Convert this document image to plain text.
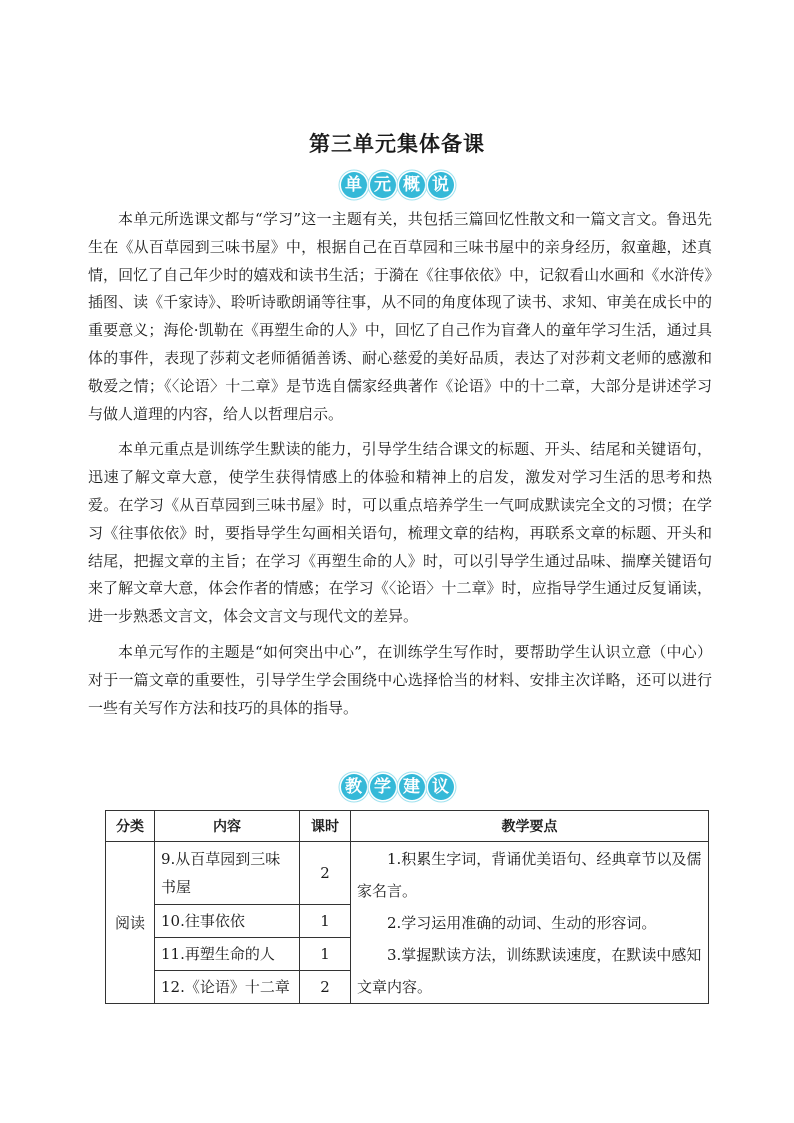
第三单元集体备课
单 元 概 说

本单元所选课文都与“学习”这一主题有关，共包括三篇回忆性散文和一篇文言文。鲁迅先生在《从百草园到三味书屋》中，根据自己在百草园和三味书屋中的亲身经历，叙童趣，述真情，回忆了自己年少时的嬉戏和读书生活；于漪在《往事依依》中，记叙看山水画和《水浒传》插图、读《千家诗》、聆听诗歌朗诵等往事，从不同的角度体现了读书、求知、审美在成长中的重要意义；海伦·凯勒在《再塑生命的人》中，回忆了自己作为盲聋人的童年学习生活，通过具体的事件，表现了莎莉文老师循循善诱、耐心慈爱的美好品质，表达了对莎莉文老师的感激和敬爱之情；《〈论语〉十二章》是节选自儒家经典著作《论语》中的十二章，大部分是讲述学习与做人道理的内容，给人以哲理启示。

本单元重点是训练学生默读的能力，引导学生结合课文的标题、开头、结尾和关键语句，迅速了解文章大意，使学生获得情感上的体验和精神上的启发，激发对学习生活的思考和热爱。在学习《从百草园到三味书屋》时，可以重点培养学生一气呵成默读完全文的习惯；在学习《往事依依》时，要指导学生勾画相关语句，梳理文章的结构，再联系文章的标题、开头和结尾，把握文章的主旨；在学习《再塑生命的人》时，可以引导学生通过品味、揣摩关键语句来了解文章大意，体会作者的情感；在学习《〈论语〉十二章》时，应指导学生通过反复诵读，进一步熟悉文言文，体会文言文与现代文的差异。

本单元写作的主题是“如何突出中心”，在训练学生写作时，要帮助学生认识立意（中心）对于一篇文章的重要性，引导学生学会围绕中心选择恰当的材料、安排主次详略，还可以进行一些有关写作方法和技巧的具体的指导。

教 学 建 议
分类	内容	课时	教学要点
阅读	9.从百草园到三味书屋	2	1.积累生字词，背诵优美语句、经典章节以及儒家名言。

2.学习运用准确的动词、生动的形容词。

3.掌握默读方法，训练默读速度，在默读中感知文章内容。

	10.往事依依	1	
	11.再塑生命的人	1	
	12.《论语》十二章	2	
